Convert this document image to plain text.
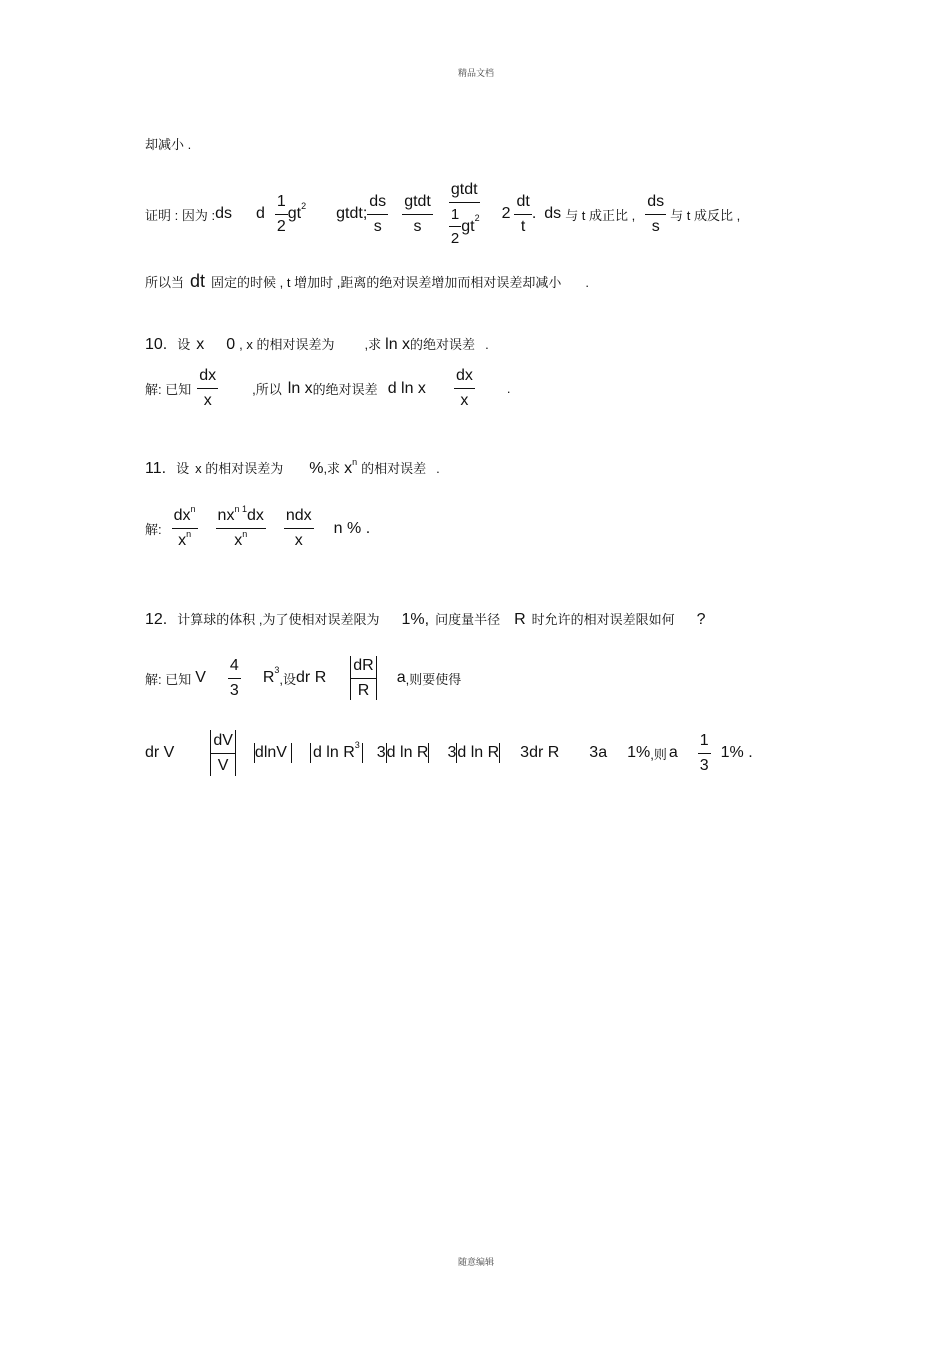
精品文档
却减小 .
证明 : 因为 : ds d $\frac{1}{2}$ gt 2 gtdt; $\frac{ds}{s} \frac{\text{gtdt}}{s} \frac{\text{gtdt}}{\frac{1}{2} gt 2} 2 \frac{dt}{t}$ . ds 与 t 成正比 , $\frac{ds}{s}$ 与 t 成反比 ,
所以当 dt 固定的时候 , t 增加时 ,距离的绝对误差增加而相对误差却减小 .
10. 设 x 0 , x 的相对误差为 ,求 ln x 的绝对误差 .
解: 已知 $\frac{dx}{x}$	,所以 ln x 的绝对误差 d ln x $\frac{dx}{x}$ .
11. 设 x 的相对误差为 % ,求 x n 的相对误差 .
解: $\frac{dx^n}{x^n} \frac{nx^{n 1}dx}{x^n} \frac{\text{ndx}}{x}$ n % .
12. 计算球的体积 ,为了使相对误差限为 1%, 问度量半径 R 时允许的相对误差限如何 ?
解: 已知 V $\frac{4}{3}$ R 3
,设 dr R $\frac{dR}{R}$ a ,则要使得
dr V $\frac{dV}{V}$ dlnV d ln R 3 3 d ln R 3 d ln R 3dr R 3a 1% ,则 a $\frac{1}{3} 1\%$ .
随意编辑
